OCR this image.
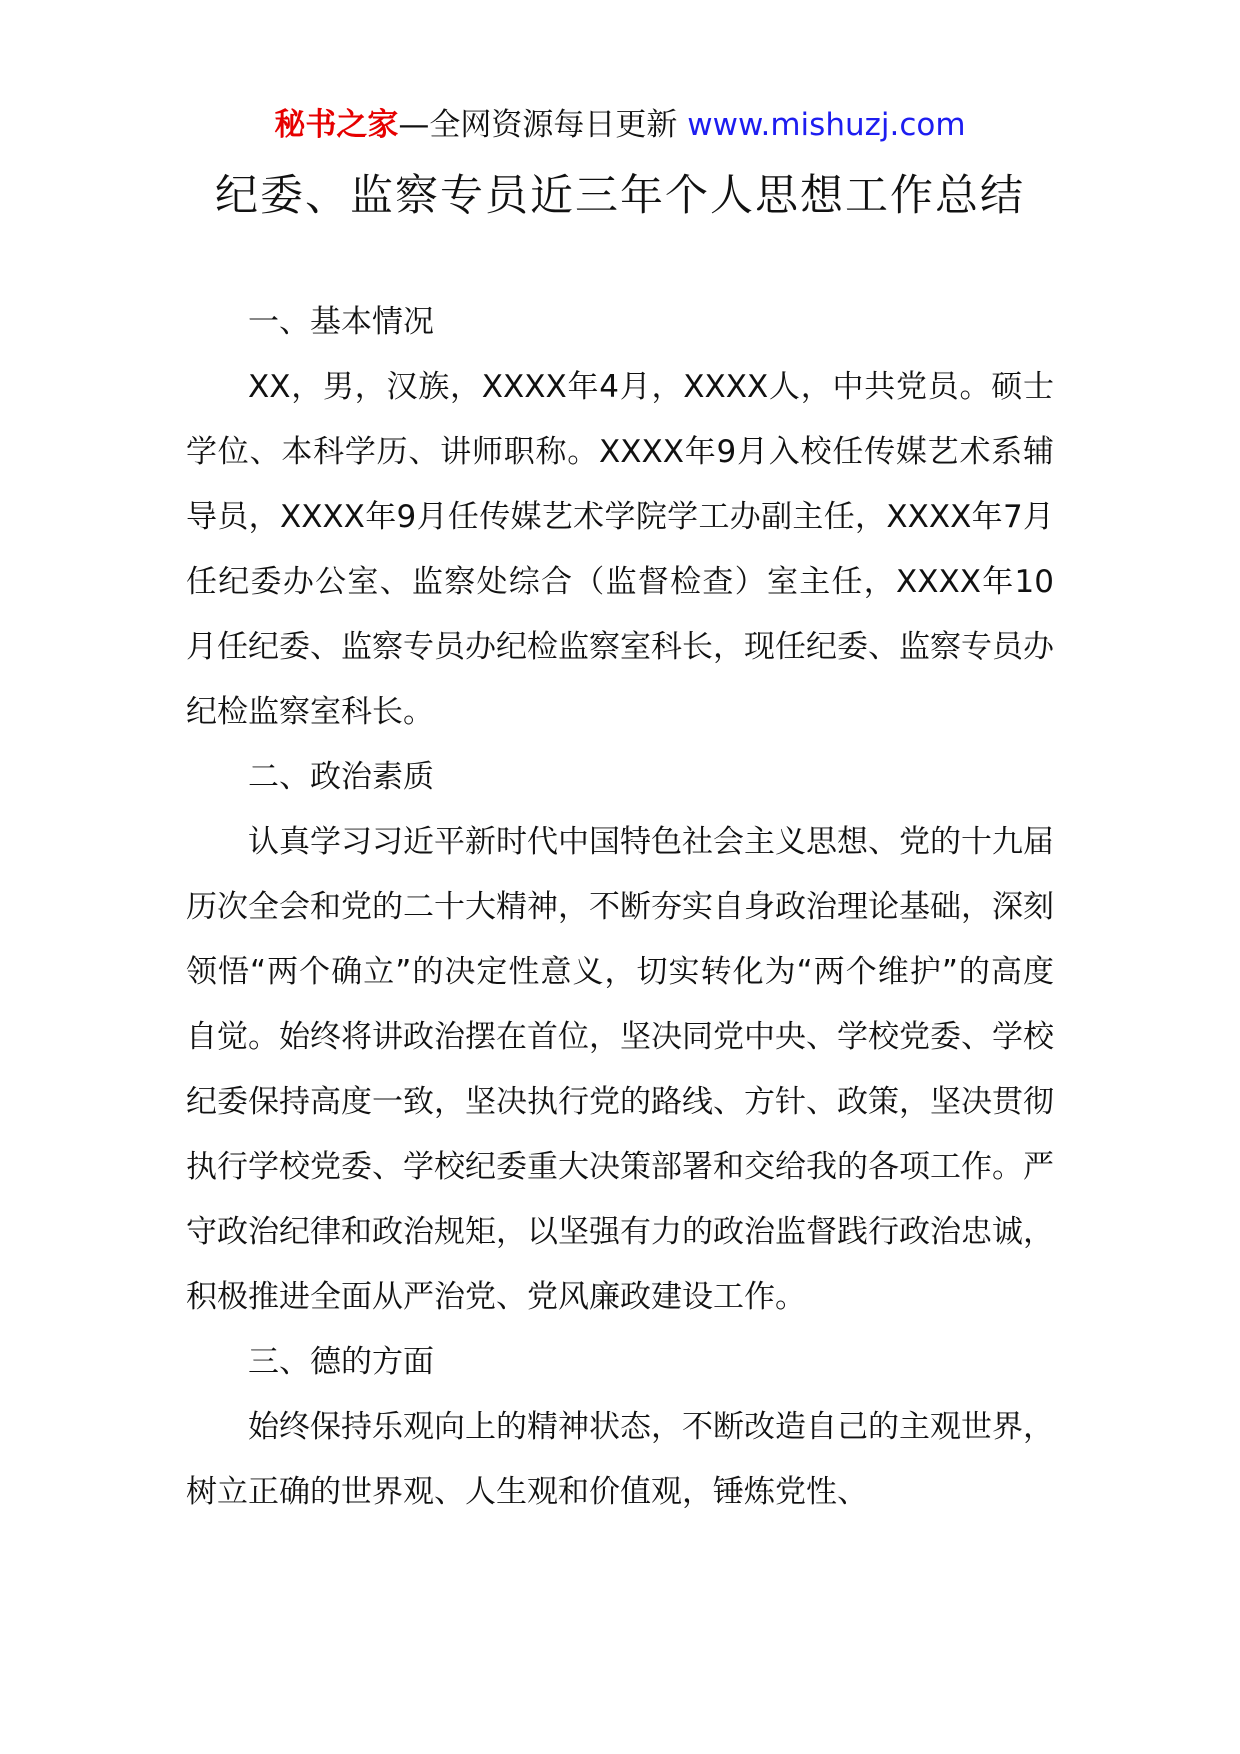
秘书之家—全网资源每日更新 www.mishuzj.com
纪委、监察专员近三年个人思想工作总结

一、基本情况

XX，男，汉族，XXXX年4月，XXXX人，中共党员。硕士学位、本科学历、讲师职称。XXXX年9月入校任传媒艺术系辅导员，XXXX年9月任传媒艺术学院学工办副主任，XXXX年7月任纪委办公室、监察处综合（监督检查）室主任，XXXX年10月任纪委、监察专员办纪检监察室科长，现任纪委、监察专员办纪检监察室科长。

二、政治素质

认真学习习近平新时代中国特色社会主义思想、党的十九届历次全会和党的二十大精神，不断夯实自身政治理论基础，深刻领悟“两个确立”的决定性意义，切实转化为“两个维护”的高度自觉。始终将讲政治摆在首位，坚决同党中央、学校党委、学校纪委保持高度一致，坚决执行党的路线、方针、政策，坚决贯彻执行学校党委、学校纪委重大决策部署和交给我的各项工作。严守政治纪律和政治规矩，以坚强有力的政治监督践行政治忠诚，积极推进全面从严治党、党风廉政建设工作。

三、德的方面

始终保持乐观向上的精神状态，不断改造自己的主观世界，树立正确的世界观、人生观和价值观，锤炼党性、
